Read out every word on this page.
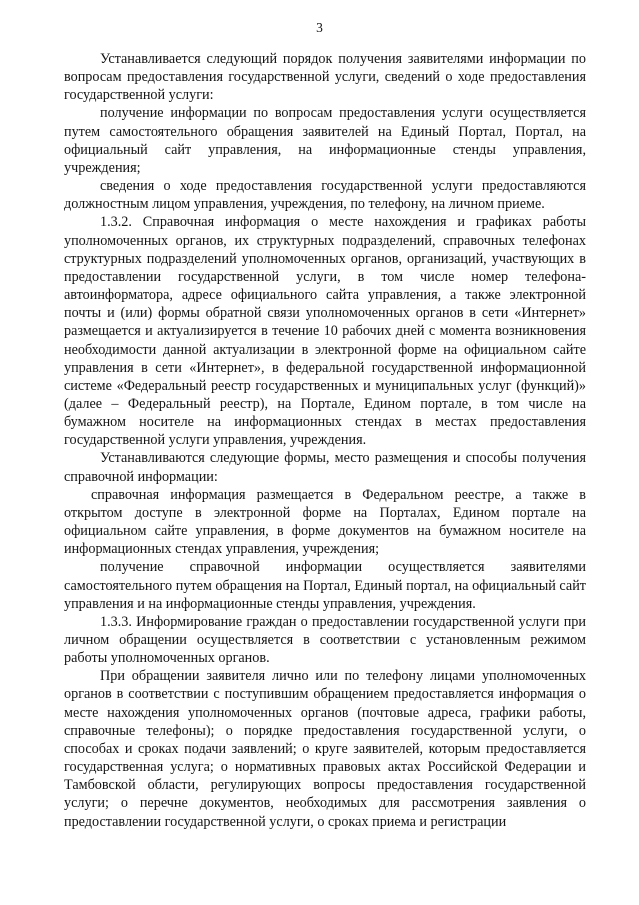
3

Устанавливается следующий порядок получения заявителями информации по вопросам предоставления государственной услуги, сведений о ходе предоставления государственной услуги:

получение информации по вопросам предоставления услуги осуществляется путем самостоятельного обращения заявителей на Единый Портал, Портал, на официальный сайт управления, на информационные стенды управления, учреждения;

сведения о ходе предоставления государственной услуги предоставляются должностным лицом управления, учреждения, по телефону, на личном приеме.

1.3.2. Справочная информация о месте нахождения и графиках работы уполномоченных органов, их структурных подразделений, справочных телефонах структурных подразделений уполномоченных органов, организаций, участвующих в предоставлении государственной услуги, в том числе номер телефона-автоинформатора, адресе официального сайта управления, а также электронной почты и (или) формы обратной связи уполномоченных органов в сети «Интернет» размещается и актуализируется в течение 10 рабочих дней с момента возникновения необходимости данной актуализации в электронной форме на официальном сайте управления в сети «Интернет», в федеральной государственной информационной системе «Федеральный реестр государственных и муниципальных услуг (функций)» (далее – Федеральный реестр), на Портале, Едином портале, в том числе на бумажном носителе на информационных стендах в местах предоставления государственной услуги управления, учреждения.

Устанавливаются следующие формы, место размещения и способы получения справочной информации:

справочная информация размещается в Федеральном реестре, а также в открытом доступе в электронной форме на Порталах, Едином портале на официальном сайте управления, в форме документов на бумажном носителе на информационных стендах управления, учреждения;

получение справочной информации осуществляется заявителями самостоятельного путем обращения на Портал, Единый портал, на официальный сайт управления и на информационные стенды управления, учреждения.

1.3.3. Информирование граждан о предоставлении государственной услуги при личном обращении осуществляется в соответствии с установленным режимом работы уполномоченных органов.

При обращении заявителя лично или по телефону лицами уполномоченных органов в соответствии с поступившим обращением предоставляется информация о месте нахождения уполномоченных органов (почтовые адреса, графики работы, справочные телефоны); о порядке предоставления государственной услуги, о способах и сроках подачи заявлений; о круге заявителей, которым предоставляется государственная услуга; о нормативных правовых актах Российской Федерации и Тамбовской области, регулирующих вопросы предоставления государственной услуги; о перечне документов, необходимых для рассмотрения заявления о предоставлении государственной услуги, о сроках приема и регистрации
